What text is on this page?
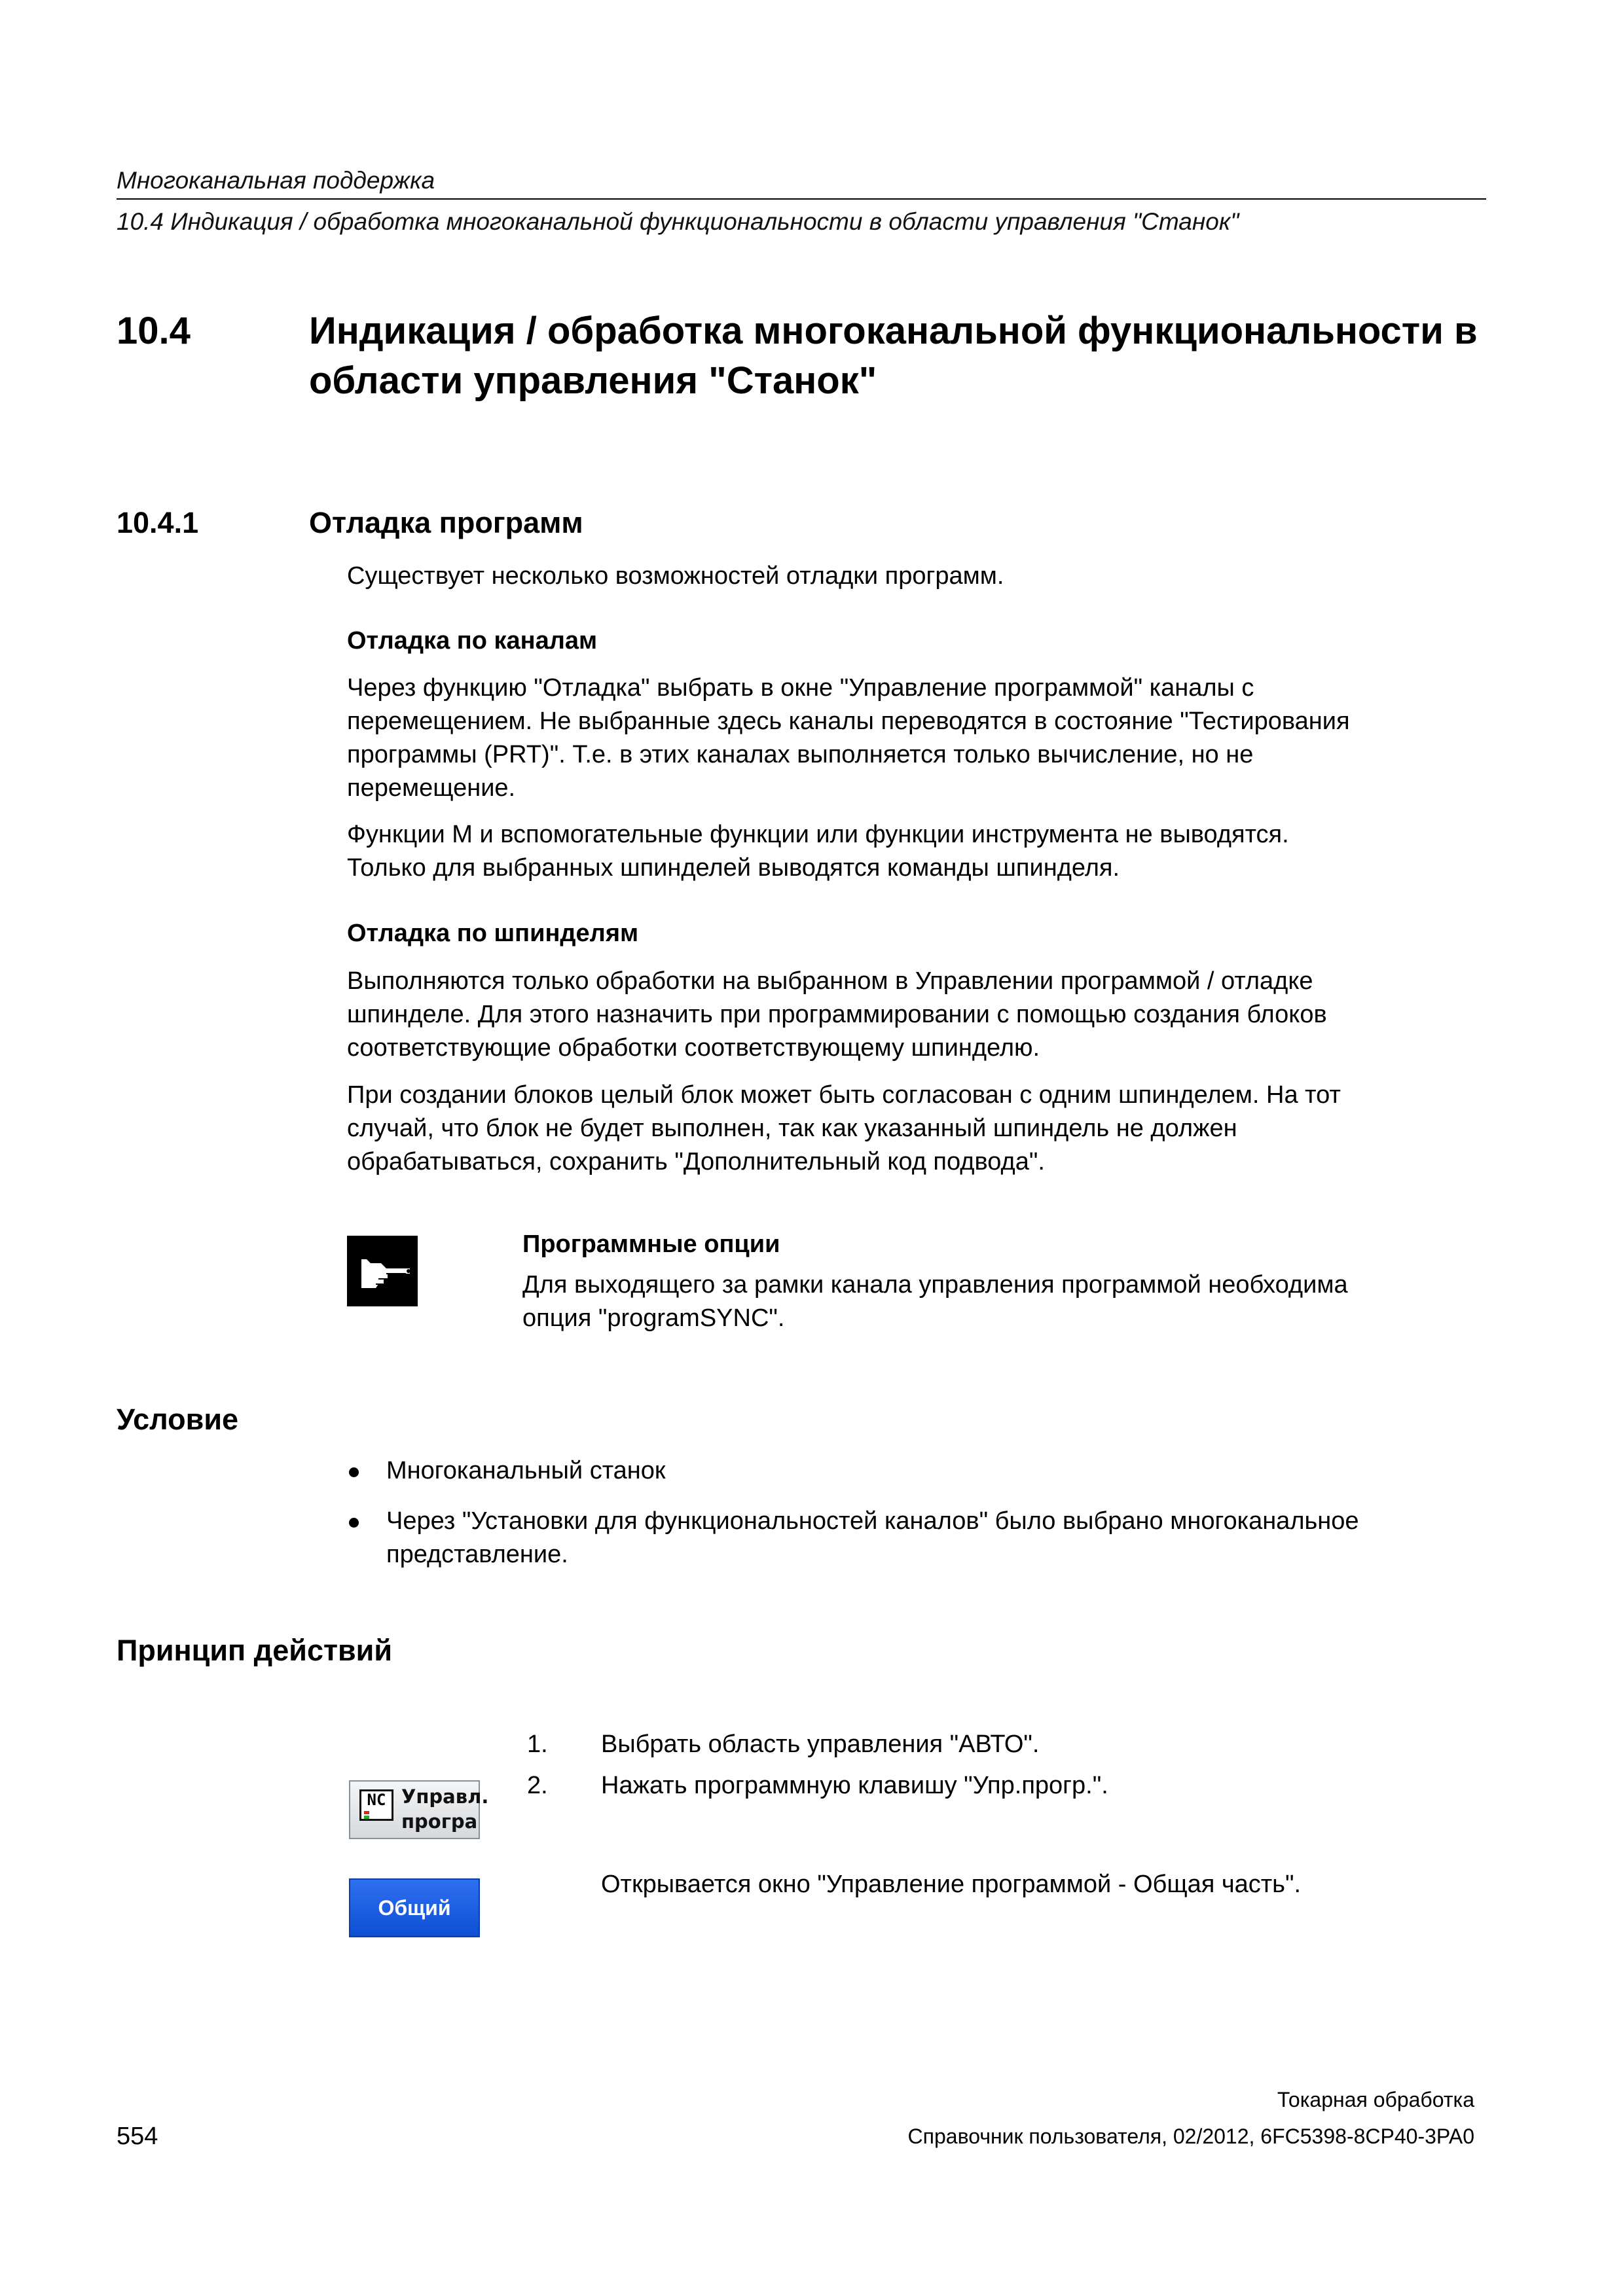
Многоканальная поддержка
10.4 Индикация / обработка многоканальной функциональности в области управления "Станок"
10.4	Индикация / обработка многоканальной функциональности в
области управления "Станок"
10.4.1	Отладка программ
Существует несколько возможностей отладки программ.
Отладка по каналам
Через функцию "Отладка" выбрать в окне "Управление программой" каналы с
перемещением. Не выбранные здесь каналы переводятся в состояние "Тестирования
программы (PRT)". Т.е. в этих каналах выполняется только вычисление, но не
перемещение.
Функции M и вспомогательные функции или функции инструмента не выводятся.
Только для выбранных шпинделей выводятся команды шпинделя.
Отладка по шпинделям
Выполняются только обработки на выбранном в Управлении программой / отладке
шпинделе. Для этого назначить при программировании с помощью создания блоков
соответствующие обработки соответствующему шпинделю.
При создании блоков целый блок может быть согласован с одним шпинделем. На тот
случай, что блок не будет выполнен, так как указанный шпиндель не должен
обрабатываться, сохранить "Дополнительный код подвода".
Программные опции
Для выходящего за рамки канала управления программой необходима
опция "programSYNC".
Условие
Многоканальный станок
Через "Установки для функциональностей каналов" было выбрано многоканальное
представление.
Принцип действий
1. Выбрать область управления "АВТО".
2. Нажать программную клавишу "Упр.прогр.".
NC Управл.
програ
Общий
Открывается окно "Управление программой - Общая часть".
554
Токарная обработка
Справочник пользователя, 02/2012, 6FC5398-8CP40-3PA0
